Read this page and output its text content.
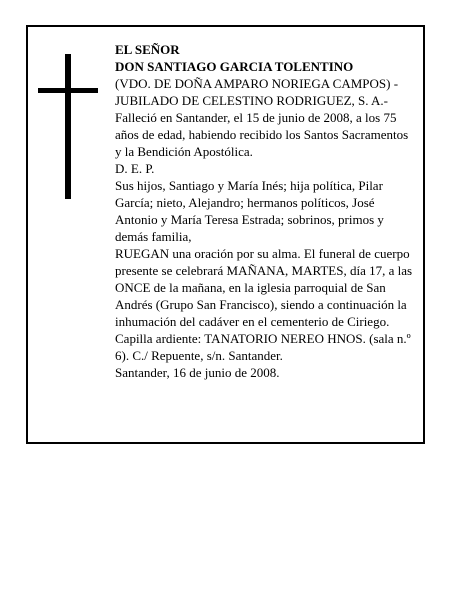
EL SEÑOR

DON SANTIAGO GARCIA TOLENTINO

(VDO. DE DOÑA AMPARO NORIEGA CAMPOS) -

JUBILADO DE CELESTINO RODRIGUEZ, S. A.-

Falleció en Santander, el 15 de junio de 2008, a los 75 años de edad, habiendo recibido los Santos Sacramentos y la Bendición Apostólica.

D. E. P.

Sus hijos, Santiago y María Inés; hija política, Pilar García; nieto, Alejandro; hermanos políticos, José Antonio y María Teresa Estrada; sobrinos, primos y demás familia,

RUEGAN una oración por su alma. El funeral de cuerpo presente se celebrará MAÑANA, MARTES, día 17, a las ONCE de la mañana, en la iglesia parroquial de San Andrés (Grupo San Francisco), siendo a continuación la inhumación del cadáver en el cementerio de Ciriego. Capilla ardiente: TANATORIO NEREO HNOS. (sala n.º 6). C./ Repuente, s/n. Santander.

Santander, 16 de junio de 2008.
